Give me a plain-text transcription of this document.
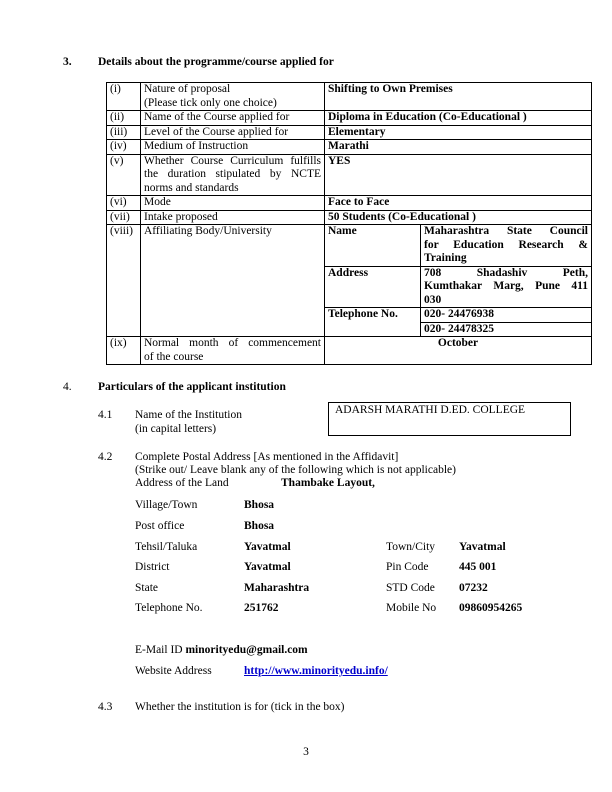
3. Details about the programme/course applied for
(i)	Nature of proposal
(Please tick only one choice)	Shifting to Own Premises	
(ii)	Name of the Course applied for	Diploma in Education (Co-Educational )	
(iii)	Level of the Course applied for	Elementary	
(iv)	Medium of Instruction	Marathi	
(v)	Whether Course Curriculum fulfills
the duration stipulated by NCTE
norms and standards	YES	
(vi)	Mode	Face to Face	
(vii)	Intake proposed	50 Students (Co-Educational )	
(viii)	Affiliating Body/University	Name	Maharashtra State Council
for Education Research &
Training

		Address	708 Shadashiv Peth,
Kumthakar Marg, Pune 411
030

		Telephone No.	020- 24476938
			020- 24478325
(ix)	Normal month of commencement
of the course	October	
4. Particulars of the applicant institution
4.1 Name of the Institution
(in capital letters)
ADARSH MARATHI D.ED. COLLEGE
4.2 Complete Postal Address [As mentioned in the Affidavit]
(Strike out/ Leave blank any of the following which is not applicable)
Address of the Land	Thambake Layout,
Village/Town	Bhosa
Post office	Bhosa
Tehsil/Taluka	Yavatmal	Town/City Yavatmal
District	Yavatmal	Pin Code	445 001
State	Maharashtra	STD Code 07232
Telephone No.	251762	Mobile No 09860954265
E-Mail ID minorityedu@gmail.com
Website Address	http://www.minorityedu.info/
4.3 Whether the institution is for (tick in the box)
3
